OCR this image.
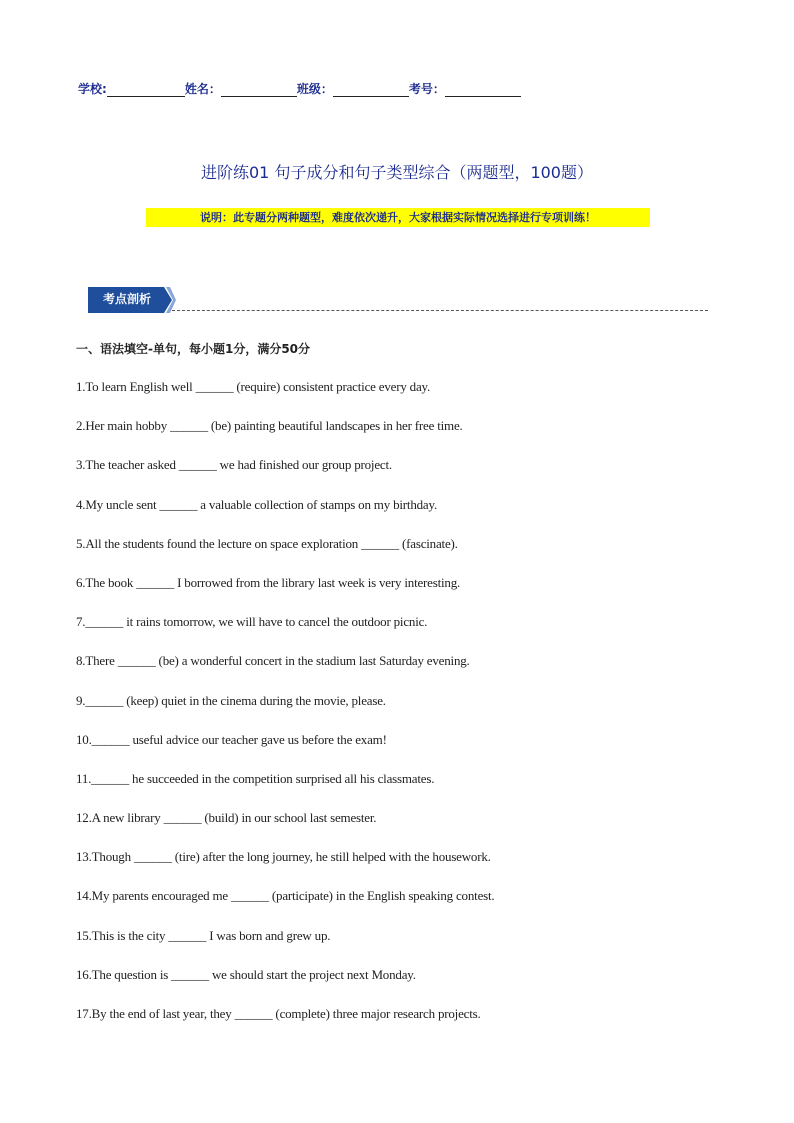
学校:	姓名：	班级：	考号：
进阶练01 句子成分和句子类型综合（两题型，100题）
说明：此专题分两种题型，难度依次递升，大家根据实际情况选择进行专项训练！
考点剖析
一、语法填空-单句，每小题1分，满分50分
1.To learn English well ______ (require) consistent practice every day.
2.Her main hobby ______ (be) painting beautiful landscapes in her free time.
3.The teacher asked ______ we had finished our group project.
4.My uncle sent ______ a valuable collection of stamps on my birthday.
5.All the students found the lecture on space exploration ______ (fascinate).
6.The book ______ I borrowed from the library last week is very interesting.
7.______ it rains tomorrow, we will have to cancel the outdoor picnic.
8.There ______ (be) a wonderful concert in the stadium last Saturday evening.
9.______ (keep) quiet in the cinema during the movie, please.
10.______ useful advice our teacher gave us before the exam!
11.______ he succeeded in the competition surprised all his classmates.
12.A new library ______ (build) in our school last semester.
13.Though ______ (tire) after the long journey, he still helped with the housework.
14.My parents encouraged me ______ (participate) in the English speaking contest.
15.This is the city ______ I was born and grew up.
16.The question is ______ we should start the project next Monday.
17.By the end of last year, they ______ (complete) three major research projects.
